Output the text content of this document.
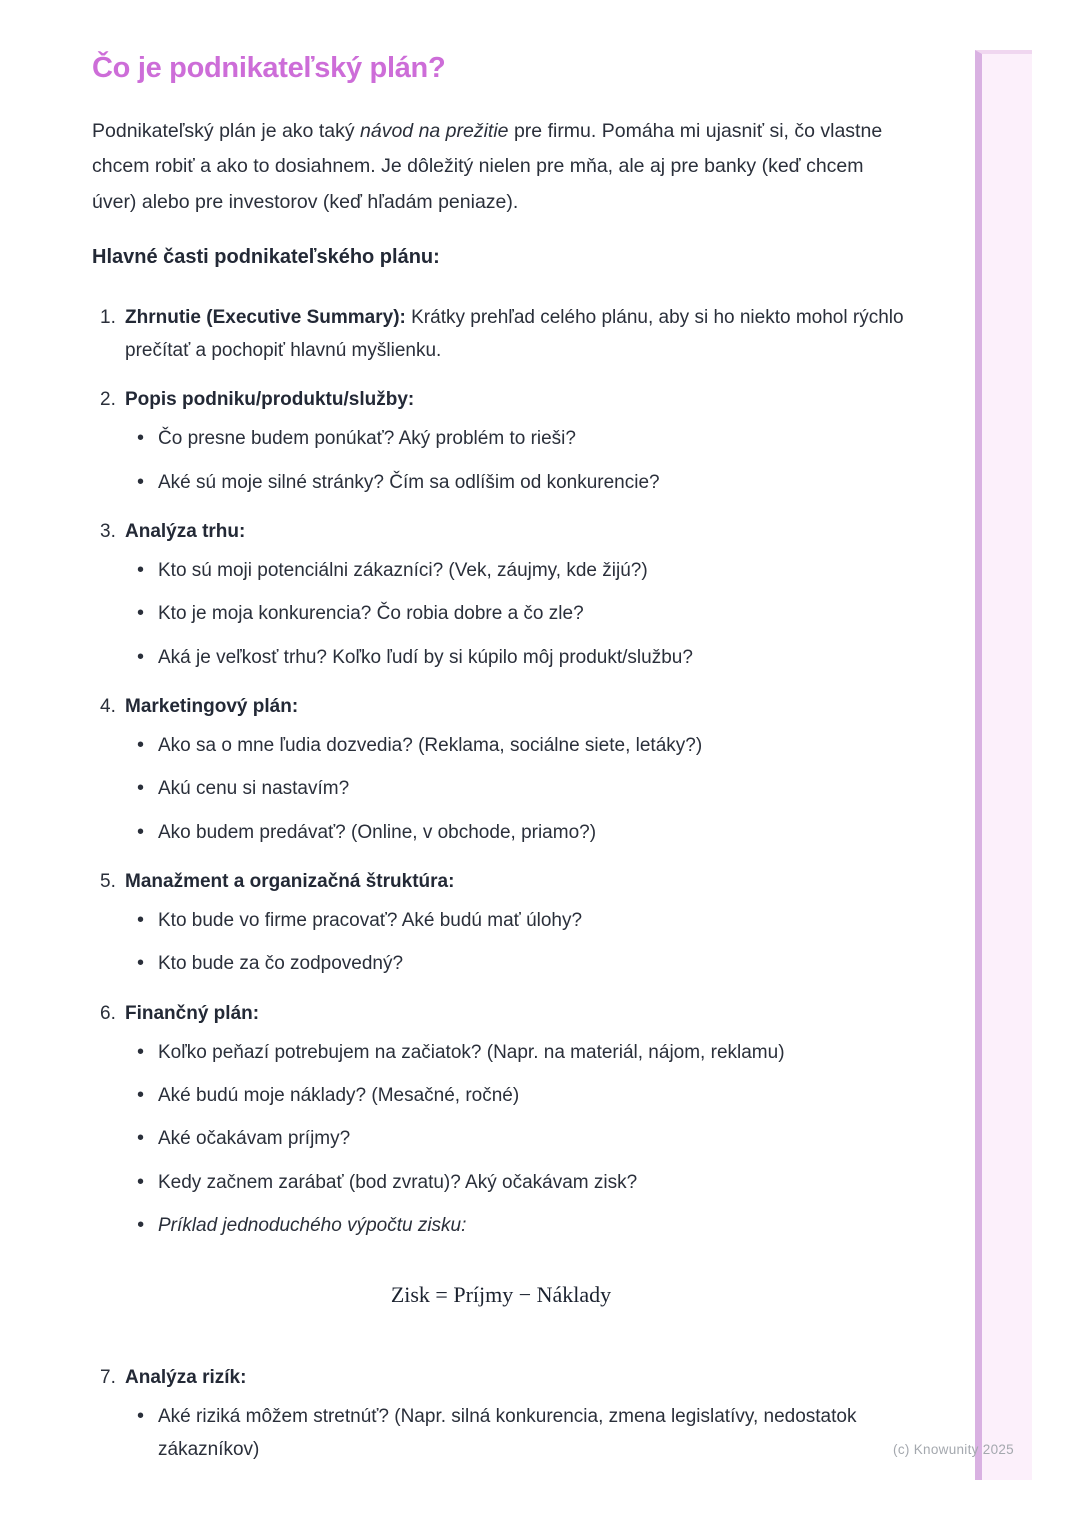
Čo je podnikateľský plán?

Podnikateľský plán je ako taký návod na prežitie pre firmu. Pomáha mi ujasniť si, čo vlastne chcem robiť a ako to dosiahnem. Je dôležitý nielen pre mňa, ale aj pre banky (keď chcem úver) alebo pre investorov (keď hľadám peniaze).

Hlavné časti podnikateľského plánu:
1. Zhrnutie (Executive Summary): Krátky prehľad celého plánu, aby si ho niekto mohol rýchlo prečítať a pochopiť hlavnú myšlienku.
2. Popis podniku/produktu/služby:
• Čo presne budem ponúkať? Aký problém to rieši?
• Aké sú moje silné stránky? Čím sa odlíšim od konkurencie?
3. Analýza trhu:
• Kto sú moji potenciálni zákazníci? (Vek, záujmy, kde žijú?)
• Kto je moja konkurencia? Čo robia dobre a čo zle?
• Aká je veľkosť trhu? Koľko ľudí by si kúpilo môj produkt/službu?
4. Marketingový plán:
• Ako sa o mne ľudia dozvedia? (Reklama, sociálne siete, letáky?)
• Akú cenu si nastavím?
• Ako budem predávať? (Online, v obchode, priamo?)
5. Manažment a organizačná štruktúra:
• Kto bude vo firme pracovať? Aké budú mať úlohy?
• Kto bude za čo zodpovedný?
6. Finančný plán:
• Koľko peňazí potrebujem na začiatok? (Napr. na materiál, nájom, reklamu)
• Aké budú moje náklady? (Mesačné, ročné)
• Aké očakávam príjmy?
• Kedy začnem zarábať (bod zvratu)? Aký očakávam zisk?
• Príklad jednoduchého výpočtu zisku:
Zisk = Príjmy − Náklady
7. Analýza rizík:
• Aké riziká môžem stretnúť? (Napr. silná konkurencia, zmena legislatívy, nedostatok zákazníkov)	(c) Knowunity 2025
